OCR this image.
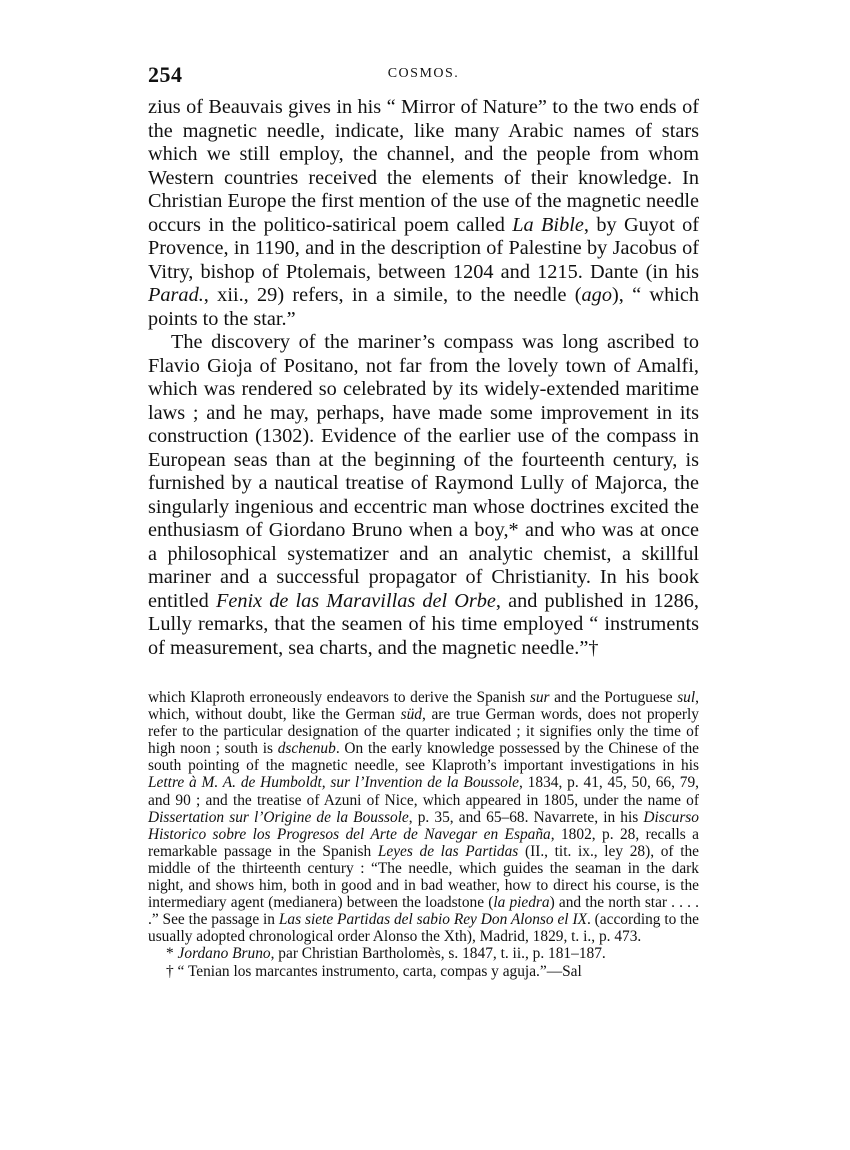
254	COSMOS.

zius of Beauvais gives in his “ Mirror of Nature” to the two ends of the magnetic needle, indicate, like many Arabic names of stars which we still employ, the channel, and the people from whom Western countries received the elements of their knowledge. In Christian Europe the first mention of the use of the magnetic needle occurs in the politico-satirical poem called La Bible, by Guyot of Provence, in 1190, and in the description of Palestine by Jacobus of Vitry, bishop of Ptolemais, between 1204 and 1215. Dante (in his Parad., xii., 29) refers, in a simile, to the needle (ago), “ which points to the star.”

The discovery of the mariner’s compass was long ascribed to Flavio Gioja of Positano, not far from the lovely town of Amalfi, which was rendered so celebrated by its widely-extended maritime laws ; and he may, perhaps, have made some improvement in its construction (1302). Evidence of the earlier use of the compass in European seas than at the beginning of the fourteenth century, is furnished by a nautical treatise of Raymond Lully of Majorca, the singularly ingenious and eccentric man whose doctrines excited the enthusiasm of Giordano Bruno when a boy,* and who was at once a philosophical systematizer and an analytic chemist, a skillful mariner and a successful propagator of Christianity. In his book entitled Fenix de las Maravillas del Orbe, and published in 1286, Lully remarks, that the seamen of his time employed “ instruments of measurement, sea charts, and the magnetic needle.”†

which Klaproth erroneously endeavors to derive the Spanish sur and the Portuguese sul, which, without doubt, like the German süd, are true German words, does not properly refer to the particular designation of the quarter indicated ; it signifies only the time of high noon ; south is dschenub. On the early knowledge possessed by the Chinese of the south pointing of the magnetic needle, see Klaproth’s important investigations in his Lettre à M. A. de Humboldt, sur l’Invention de la Boussole, 1834, p. 41, 45, 50, 66, 79, and 90 ; and the treatise of Azuni of Nice, which appeared in 1805, under the name of Dissertation sur l’Origine de la Boussole, p. 35, and 65–68. Navarrete, in his Discurso Historico sobre los Progresos del Arte de Navegar en España, 1802, p. 28, recalls a remarkable passage in the Spanish Leyes de las Partidas (II., tit. ix., ley 28), of the middle of the thirteenth century : “The needle, which guides the seaman in the dark night, and shows him, both in good and in bad weather, how to direct his course, is the intermediary agent (medianera) between the loadstone (la piedra) and the north star . . . . .” See the passage in Las siete Partidas del sabio Rey Don Alonso el IX. (according to the usually adopted chronological order Alonso the Xth), Madrid, 1829, t. i., p. 473.

* Jordano Bruno, par Christian Bartholomès, s. 1847, t. ii., p. 181–187.

† “ Tenian los marcantes instrumento, carta, compas y aguja.”—Sal
